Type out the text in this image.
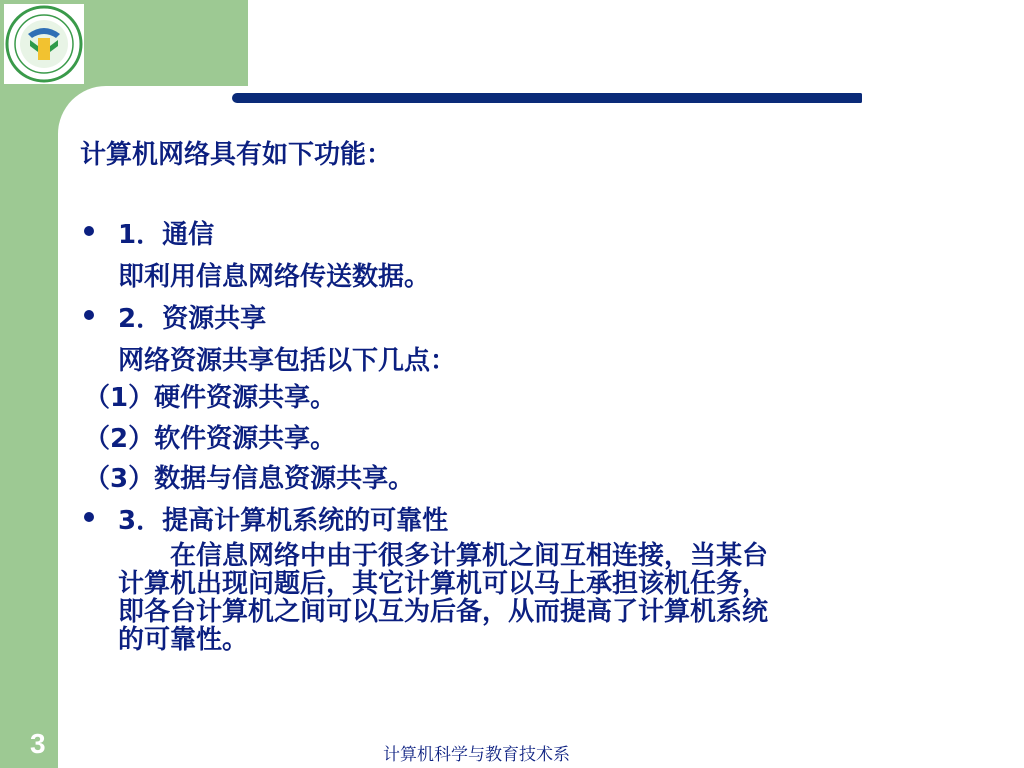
计算机网络具有如下功能：
1．通信
即利用信息网络传送数据。
2．资源共享
网络资源共享包括以下几点：
（1）硬件资源共享。
（2）软件资源共享。
（3）数据与信息资源共享。
3．提高计算机系统的可靠性
　　在信息网络中由于很多计算机之间互相连接，当某台
计算机出现问题后，其它计算机可以马上承担该机任务，
即各台计算机之间可以互为后备，从而提高了计算机系统
的可靠性。
3	计算机科学与教育技术系
